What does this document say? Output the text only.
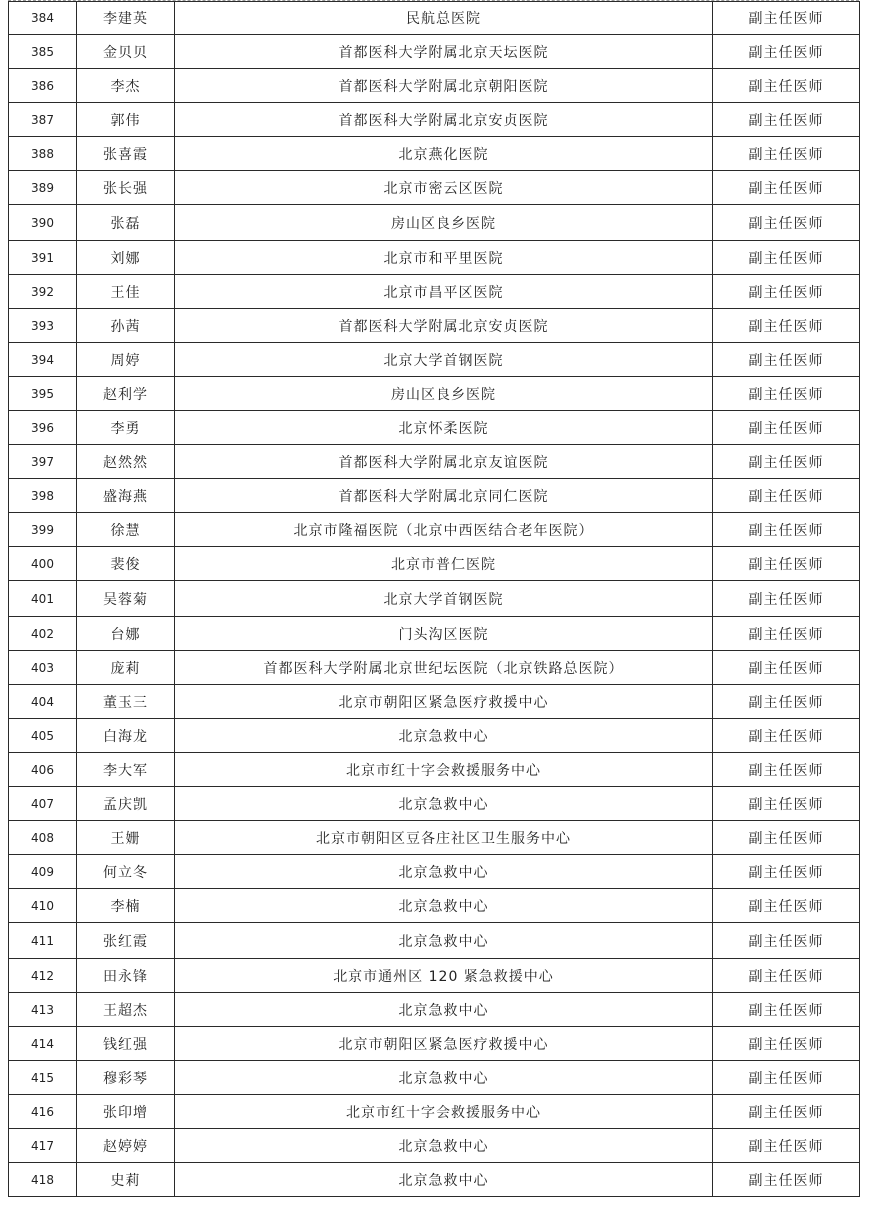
384	李建英	民航总医院	副主任医师
385	金贝贝	首都医科大学附属北京天坛医院	副主任医师
386	李杰	首都医科大学附属北京朝阳医院	副主任医师
387	郭伟	首都医科大学附属北京安贞医院	副主任医师
388	张喜霞	北京燕化医院	副主任医师
389	张长强	北京市密云区医院	副主任医师
390	张磊	房山区良乡医院	副主任医师
391	刘娜	北京市和平里医院	副主任医师
392	王佳	北京市昌平区医院	副主任医师
393	孙茜	首都医科大学附属北京安贞医院	副主任医师
394	周婷	北京大学首钢医院	副主任医师
395	赵利学	房山区良乡医院	副主任医师
396	李勇	北京怀柔医院	副主任医师
397	赵然然	首都医科大学附属北京友谊医院	副主任医师
398	盛海燕	首都医科大学附属北京同仁医院	副主任医师
399	徐慧	北京市隆福医院（北京中西医结合老年医院）	副主任医师
400	裴俊	北京市普仁医院	副主任医师
401	吴蓉菊	北京大学首钢医院	副主任医师
402	台娜	门头沟区医院	副主任医师
403	庞莉	首都医科大学附属北京世纪坛医院（北京铁路总医院）	副主任医师
404	董玉三	北京市朝阳区紧急医疗救援中心	副主任医师
405	白海龙	北京急救中心	副主任医师
406	李大军	北京市红十字会救援服务中心	副主任医师
407	孟庆凯	北京急救中心	副主任医师
408	王姗	北京市朝阳区豆各庄社区卫生服务中心	副主任医师
409	何立冬	北京急救中心	副主任医师
410	李楠	北京急救中心	副主任医师
411	张红霞	北京急救中心	副主任医师
412	田永锋	北京市通州区 120 紧急救援中心	副主任医师
413	王超杰	北京急救中心	副主任医师
414	钱红强	北京市朝阳区紧急医疗救援中心	副主任医师
415	穆彩琴	北京急救中心	副主任医师
416	张印增	北京市红十字会救援服务中心	副主任医师
417	赵婷婷	北京急救中心	副主任医师
418	史莉	北京急救中心	副主任医师
